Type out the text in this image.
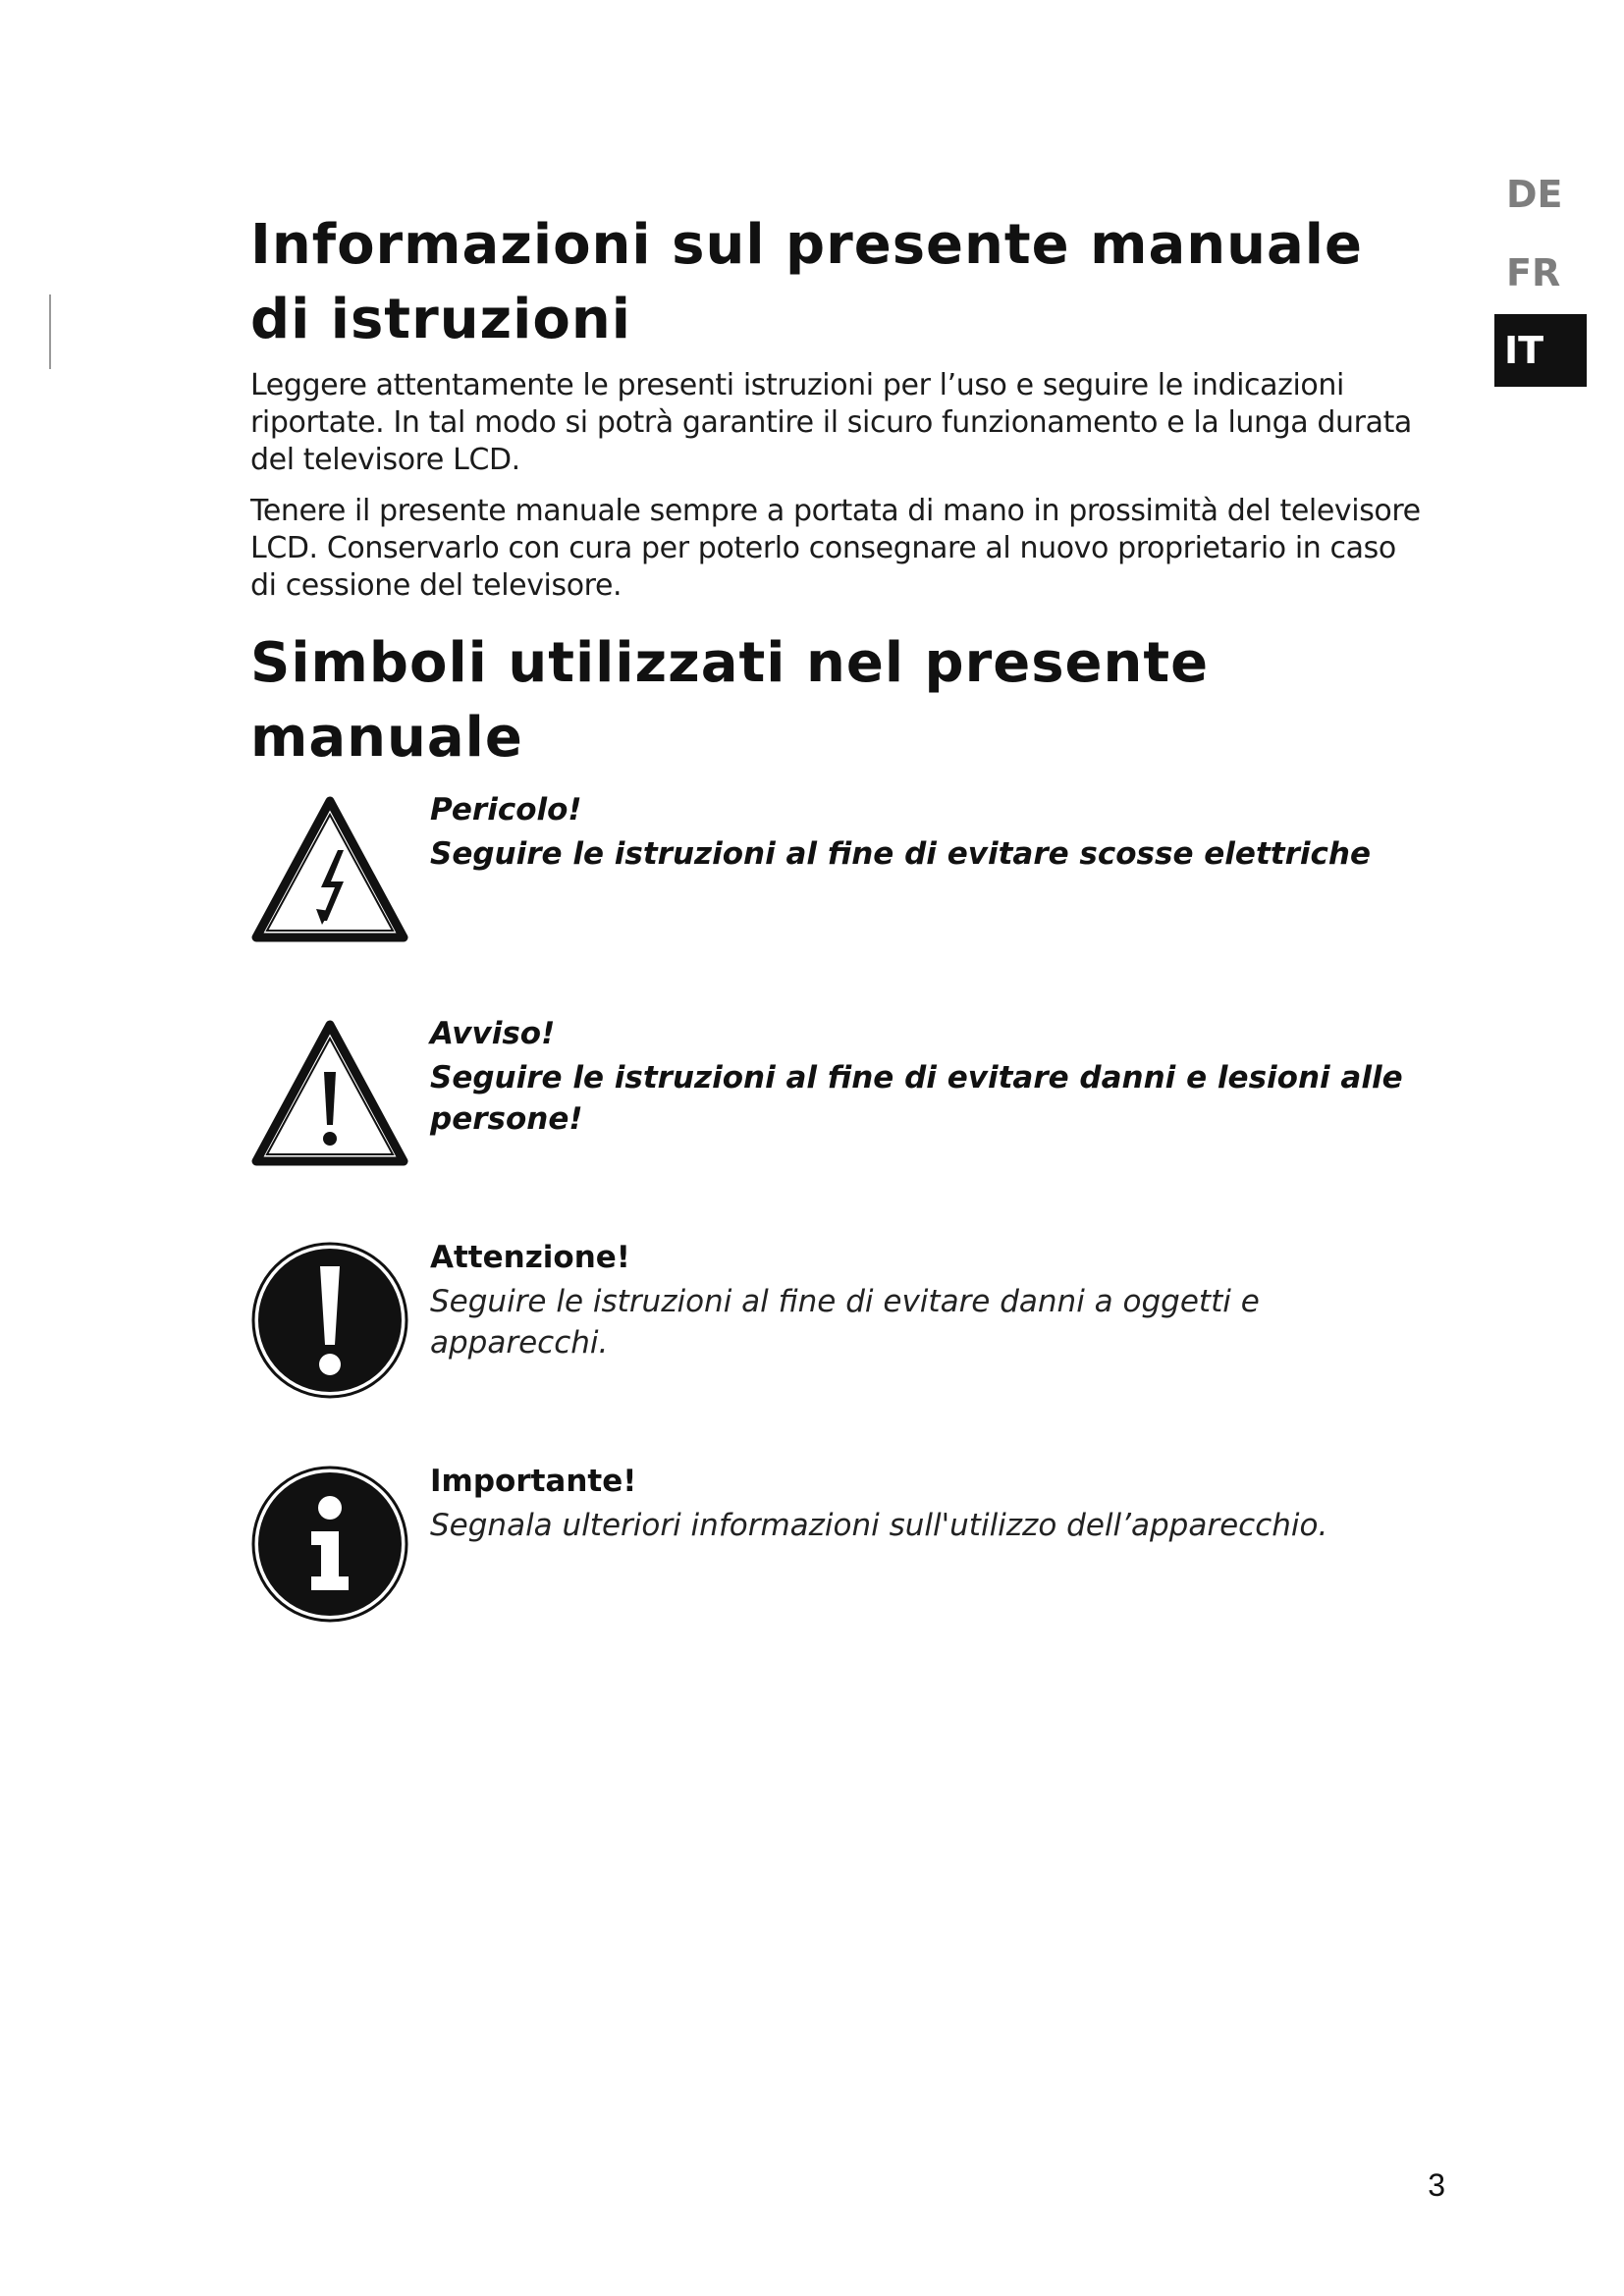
DE
FR
IT
Informazioni sul presente manuale di istruzioni

Leggere attentamente le presenti istruzioni per l’uso e seguire le indicazioni riportate. In tal modo si potrà garantire il sicuro funzionamento e la lunga durata del televisore LCD.

Tenere il presente manuale sempre a portata di mano in prossimità del televisore LCD. Conservarlo con cura per poterlo consegnare al nuovo proprietario in caso di cessione del televisore.

Simboli utilizzati nel presente manuale
Pericolo!
Seguire le istruzioni al fine di evitare scosse elettriche
Avviso!
Seguire le istruzioni al fine di evitare danni e lesioni alle persone!
Attenzione!
Seguire le istruzioni al fine di evitare danni a oggetti e apparecchi.
Importante!
Segnala ulteriori informazioni sull'utilizzo dell’apparecchio.
3
